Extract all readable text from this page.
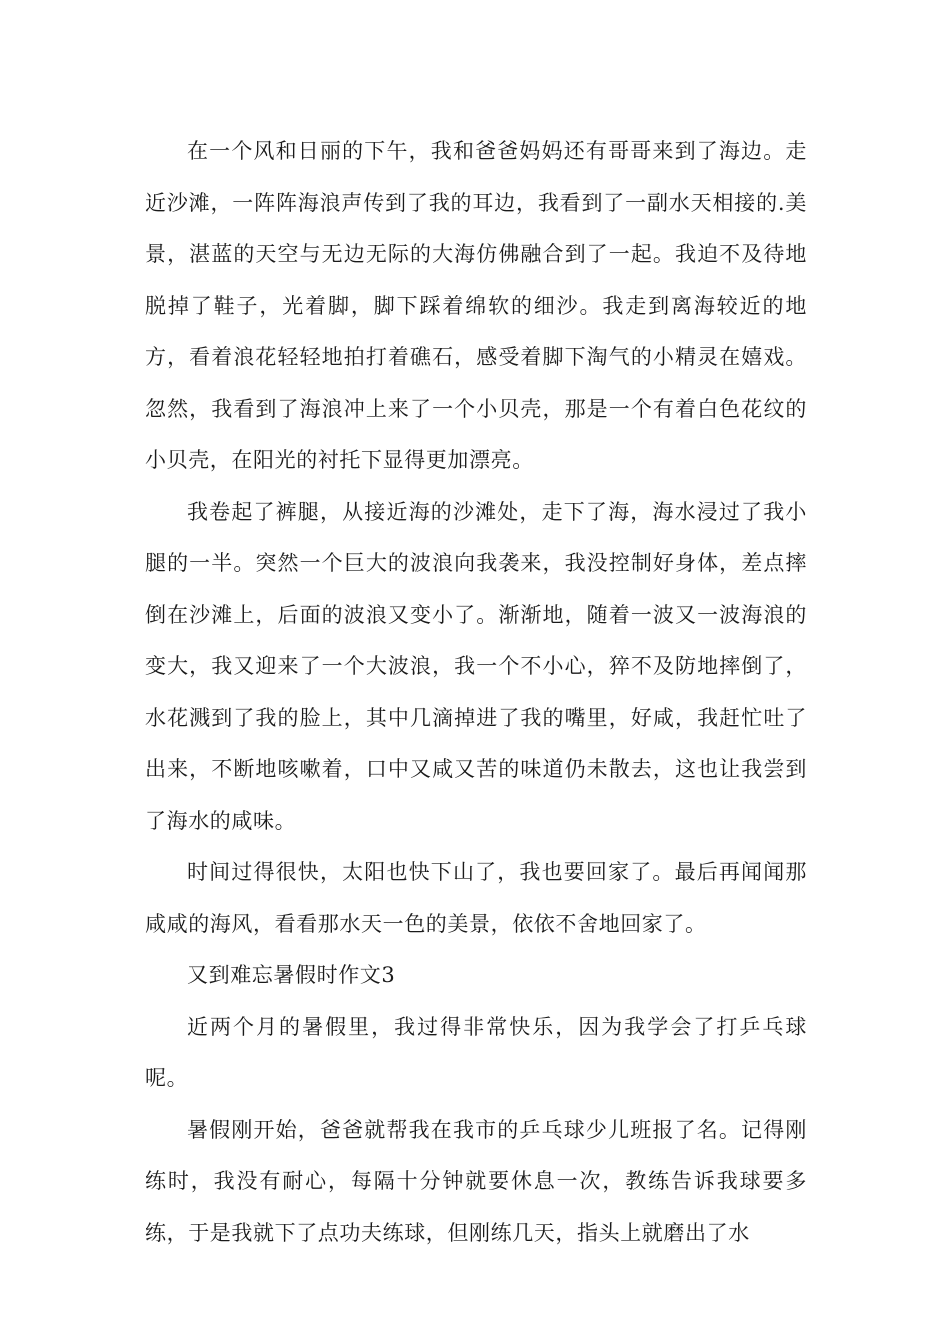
在一个风和日丽的下午，我和爸爸妈妈还有哥哥来到了海边。走近沙滩，一阵阵海浪声传到了我的耳边，我看到了一副水天相接的.美景，湛蓝的天空与无边无际的大海仿佛融合到了一起。我迫不及待地脱掉了鞋子，光着脚，脚下踩着绵软的细沙。我走到离海较近的地方，看着浪花轻轻地拍打着礁石，感受着脚下淘气的小精灵在嬉戏。忽然，我看到了海浪冲上来了一个小贝壳，那是一个有着白色花纹的小贝壳，在阳光的衬托下显得更加漂亮。

我卷起了裤腿，从接近海的沙滩处，走下了海，海水浸过了我小腿的一半。突然一个巨大的波浪向我袭来，我没控制好身体，差点摔倒在沙滩上，后面的波浪又变小了。渐渐地，随着一波又一波海浪的变大，我又迎来了一个大波浪，我一个不小心，猝不及防地摔倒了，水花溅到了我的脸上，其中几滴掉进了我的嘴里，好咸，我赶忙吐了出来，不断地咳嗽着，口中又咸又苦的味道仍未散去，这也让我尝到了海水的咸味。

时间过得很快，太阳也快下山了，我也要回家了。最后再闻闻那咸咸的海风，看看那水天一色的美景，依依不舍地回家了。

又到难忘暑假时作文3

近两个月的暑假里，我过得非常快乐，因为我学会了打乒乓球呢。

暑假刚开始，爸爸就帮我在我市的乒乓球少儿班报了名。记得刚练时，我没有耐心，每隔十分钟就要休息一次，教练告诉我球要多练，于是我就下了点功夫练球，但刚练几天，指头上就磨出了水
